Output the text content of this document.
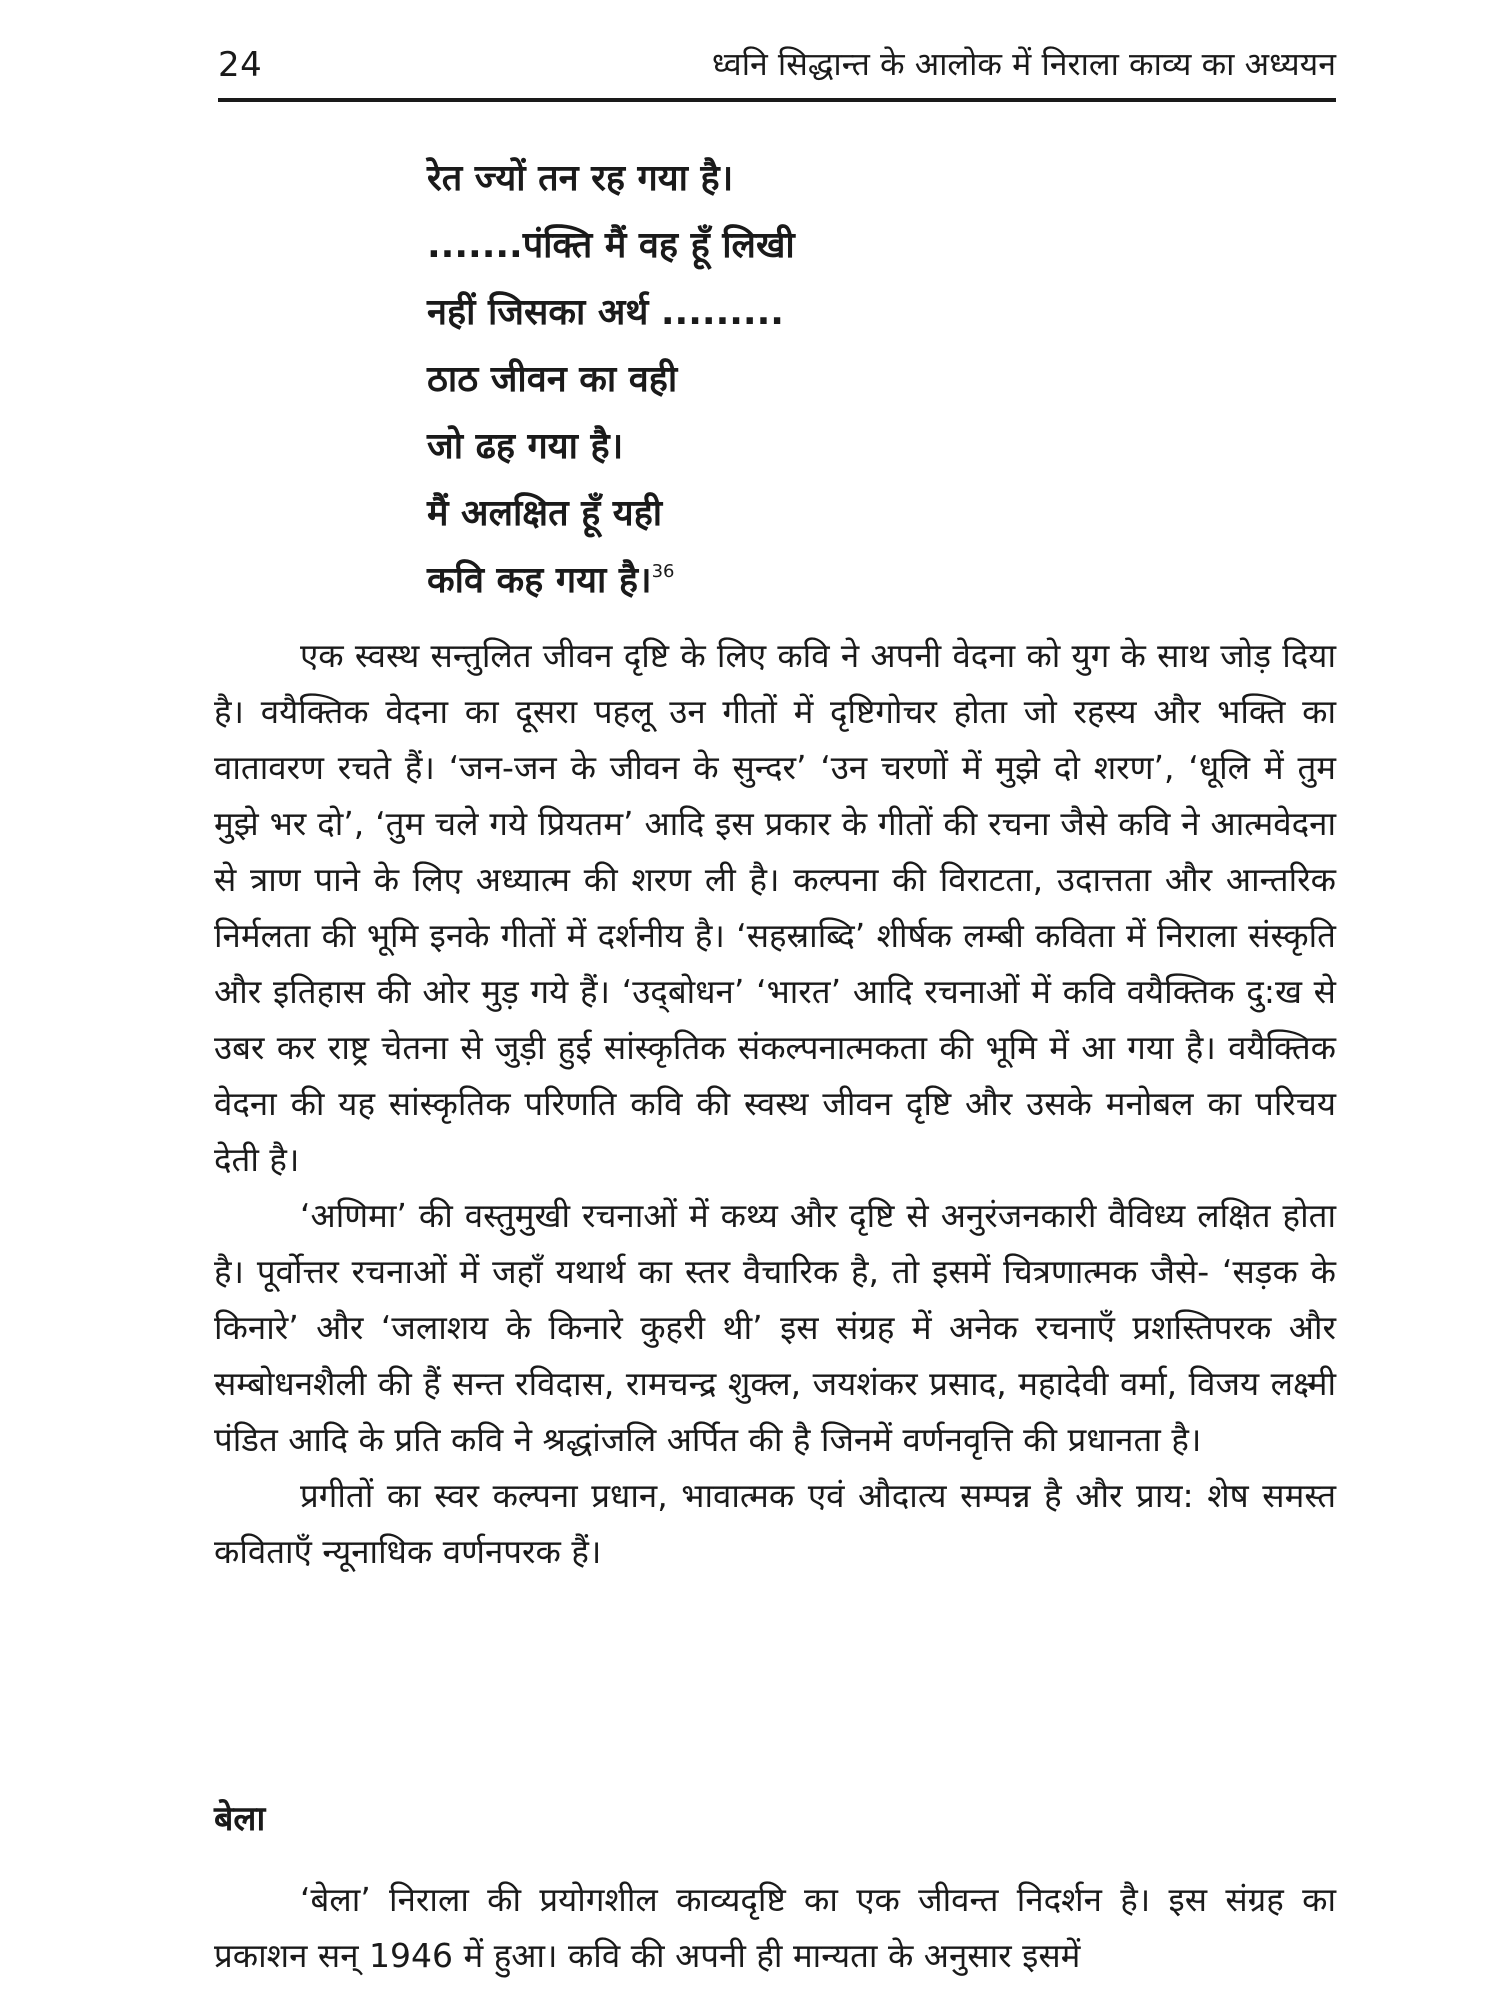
24	ध्वनि सिद्धान्त के आलोक में निराला काव्य का अध्ययन
रेत ज्यों तन रह गया है।
.......पंक्ति मैं वह हूँ लिखी
नहीं जिसका अर्थ .........
ठाठ जीवन का वही
जो ढह गया है।
मैं अलक्षित हूँ यही
कवि कह गया है।$^{36}$

एक स्वस्थ सन्तुलित जीवन दृष्टि के लिए कवि ने अपनी वेदना को युग के साथ जोड़ दिया है। वयैक्तिक वेदना का दूसरा पहलू उन गीतों में दृष्टिगोचर होता जो रहस्य और भक्ति का वातावरण रचते हैं। ‘जन-जन के जीवन के सुन्दर’ ‘उन चरणों में मुझे दो शरण’, ‘धूलि में तुम मुझे भर दो’, ‘तुम चले गये प्रियतम’ आदि इस प्रकार के गीतों की रचना जैसे कवि ने आत्मवेदना से त्राण पाने के लिए अध्यात्म की शरण ली है। कल्पना की विराटता, उदात्तता और आन्तरिक निर्मलता की भूमि इनके गीतों में दर्शनीय है। ‘सहस्राब्दि’ शीर्षक लम्बी कविता में निराला संस्कृति और इतिहास की ओर मुड़ गये हैं। ‘उद्‌बोधन’ ‘भारत’ आदि रचनाओं में कवि वयैक्तिक दु:ख से उबर कर राष्ट्र चेतना से जुड़ी हुई सांस्कृतिक संकल्पनात्मकता की भूमि में आ गया है। वयैक्तिक वेदना की यह सांस्कृतिक परिणति कवि की स्वस्थ जीवन दृष्टि और उसके मनोबल का परिचय देती है।

‘अणिमा’ की वस्तुमुखी रचनाओं में कथ्य और दृष्टि से अनुरंजनकारी वैविध्य लक्षित होता है। पूर्वोत्तर रचनाओं में जहाँ यथार्थ का स्तर वैचारिक है, तो इसमें चित्रणात्मक जैसे- ‘सड़क के किनारे’ और ‘जलाशय के किनारे कुहरी थी’ इस संग्रह में अनेक रचनाएँ प्रशस्तिपरक और सम्बोधनशैली की हैं सन्त रविदास, रामचन्द्र शुक्ल, जयशंकर प्रसाद, महादेवी वर्मा, विजय लक्ष्मी पंडित आदि के प्रति कवि ने श्रद्धांजलि अर्पित की है जिनमें वर्णनवृत्ति की प्रधानता है।

प्रगीतों का स्वर कल्पना प्रधान, भावात्मक एवं औदात्य सम्पन्न है और प्राय: शेष समस्त कविताएँ न्यूनाधिक वर्णनपरक हैं।

बेला

‘बेला’ निराला की प्रयोगशील काव्यदृष्टि का एक जीवन्त निदर्शन है। इस संग्रह का प्रकाशन सन् 1946 में हुआ। कवि की अपनी ही मान्यता के अनुसार इसमें
